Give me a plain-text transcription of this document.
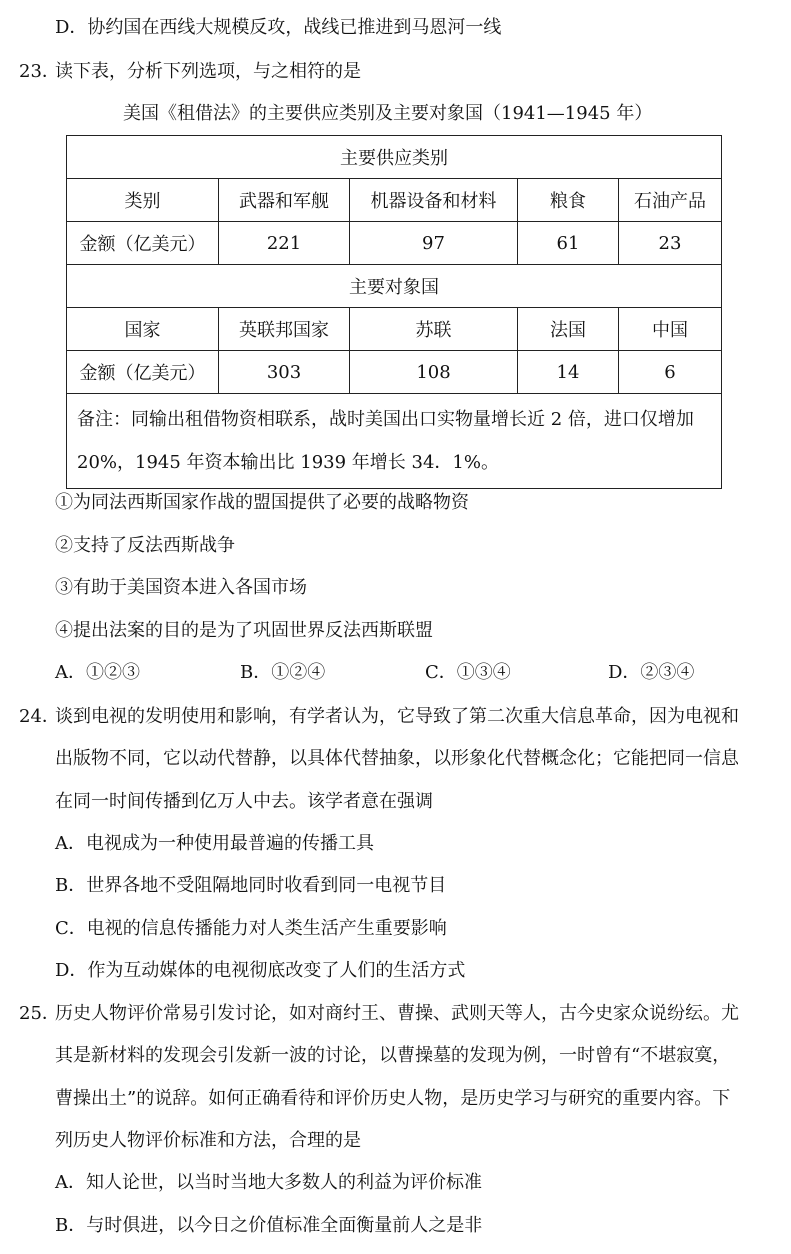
D．协约国在西线大规模反攻，战线已推进到马恩河一线
23．
读下表，分析下列选项，与之相符的是
美国《租借法》的主要供应类别及主要对象国（1941—1945 年）
主要供应类别				
类别	武器和军舰	机器设备和材料	粮食	石油产品
金额（亿美元）	221	97	61	23
主要对象国				
国家	英联邦国家	苏联	法国	中国
金额（亿美元）	303	108	14	6
备注：同输出租借物资相联系，战时美国出口实物量增长近 2 倍，进口仅增加 20%，1945 年资本输出比 1939 年增长 34．1%。				
①为同法西斯国家作战的盟国提供了必要的战略物资
②支持了反法西斯战争
③有助于美国资本进入各国市场
④提出法案的目的是为了巩固世界反法西斯联盟
A．①②③	B．①②④	C．①③④	D．②③④
24．
谈到电视的发明使用和影响，有学者认为，它导致了第二次重大信息革命，因为电视和
出版物不同，它以动代替静，以具体代替抽象，以形象化代替概念化；它能把同一信息
在同一时间传播到亿万人中去。该学者意在强调
A．电视成为一种使用最普遍的传播工具
B．世界各地不受阻隔地同时收看到同一电视节目
C．电视的信息传播能力对人类生活产生重要影响
D．作为互动媒体的电视彻底改变了人们的生活方式
25．
历史人物评价常易引发讨论，如对商纣王、曹操、武则天等人，古今史家众说纷纭。尤
其是新材料的发现会引发新一波的讨论，以曹操墓的发现为例，一时曾有“不堪寂寞，
曹操出土”的说辞。如何正确看待和评价历史人物，是历史学习与研究的重要内容。下
列历史人物评价标准和方法，合理的是
A．知人论世，以当时当地大多数人的利益为评价标准
B．与时俱进，以今日之价值标准全面衡量前人之是非
